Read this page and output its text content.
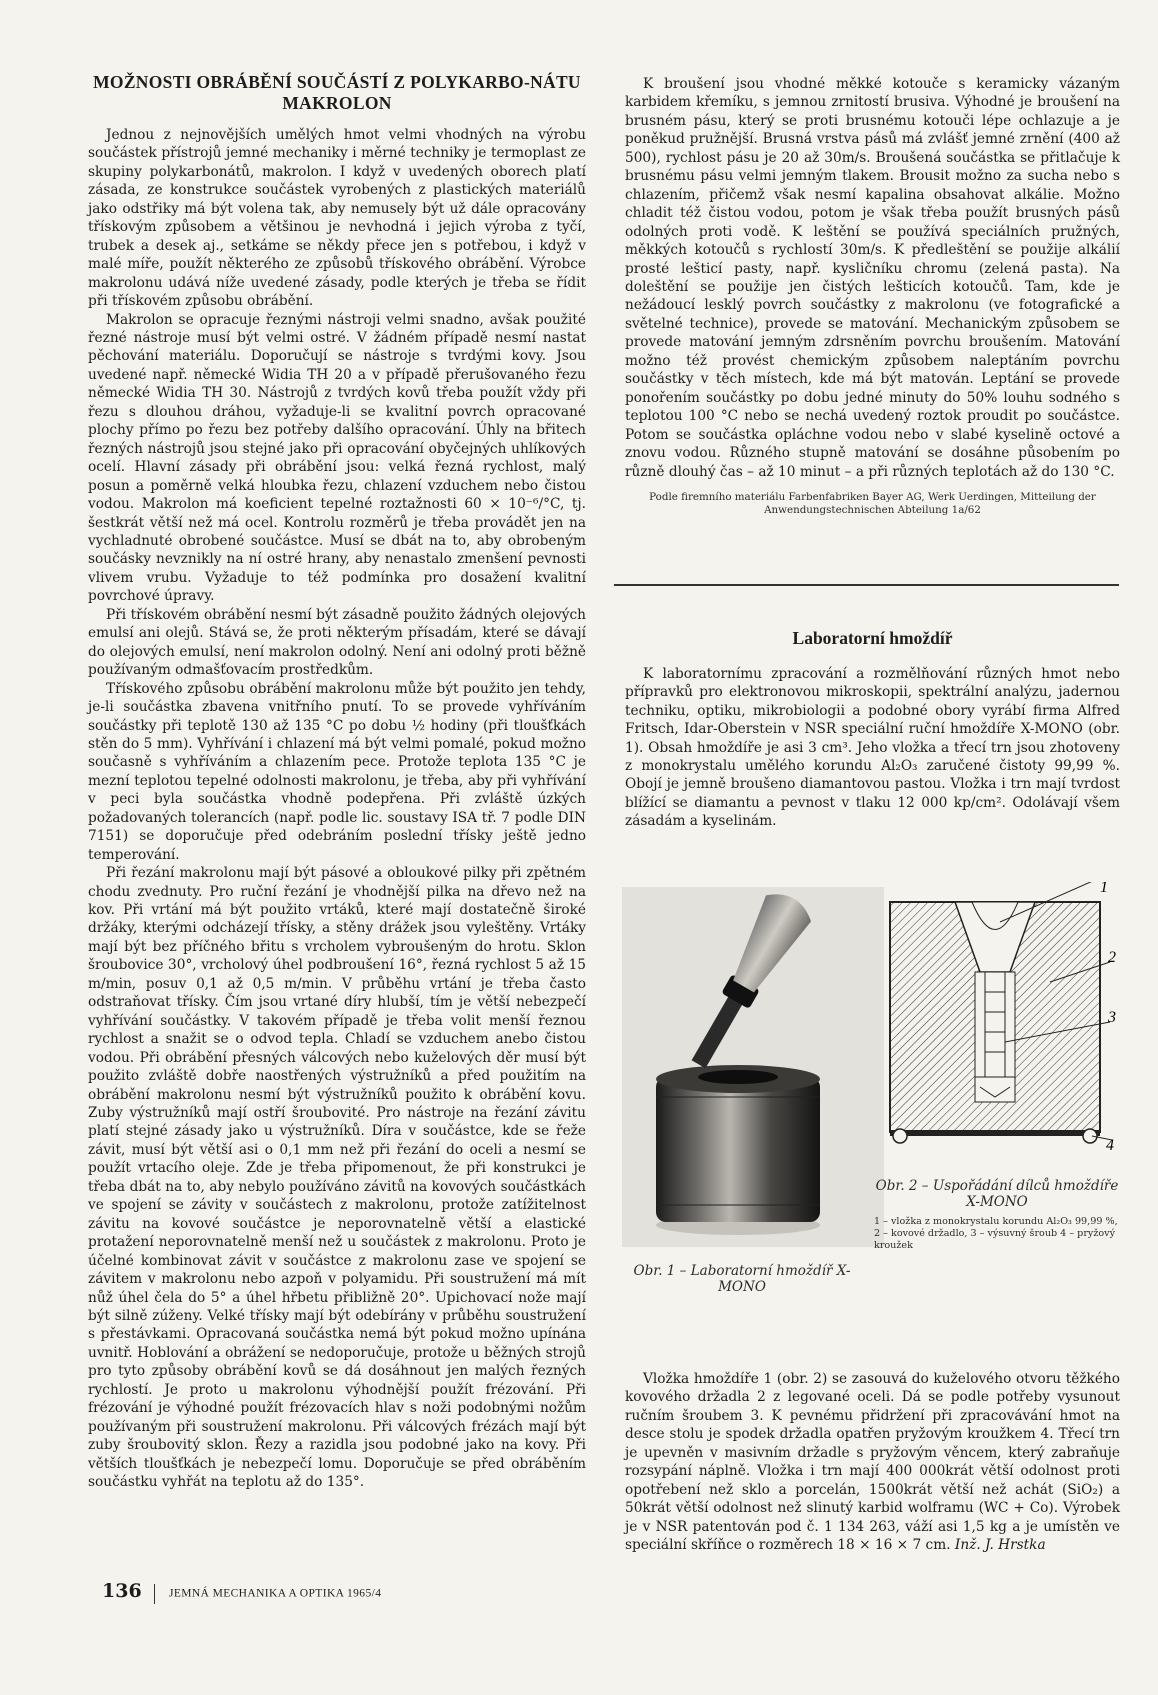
MOŽNOSTI OBRÁBĚNÍ SOUČÁSTÍ Z POLYKARBO-NÁTU MAKROLON

Jednou z nejnovějších umělých hmot velmi vhodných na výrobu součástek přístrojů jemné mechaniky i měrné techniky je termoplast ze skupiny polykarbonátů, makrolon. I když v uvedených oborech platí zásada, ze konstrukce součástek vyrobených z plastických materiálů jako odstřiky má být volena tak, aby nemusely být už dále opracovány třískovým způsobem a většinou je nevhodná i jejich výroba z tyčí, trubek a desek aj., setkáme se někdy přece jen s potřebou, i když v malé míře, použít některého ze způsobů třískového obrábění. Výrobce makrolonu udává níže uvedené zásady, podle kterých je třeba se řídit při třískovém způsobu obrábění.

Makrolon se opracuje řeznými nástroji velmi snadno, avšak použité řezné nástroje musí být velmi ostré. V žádném případě nesmí nastat pěchování materiálu. Doporučují se nástroje s tvrdými kovy. Jsou uvedené např. německé Widia TH 20 a v případě přerušovaného řezu německé Widia TH 30. Nástrojů z tvrdých kovů třeba použít vždy při řezu s dlouhou dráhou, vyžaduje-li se kvalitní povrch opracované plochy přímo po řezu bez potřeby dalšího opracování. Úhly na břitech řezných nástrojů jsou stejné jako při opracování obyčejných uhlíkových ocelí. Hlavní zásady při obrábění jsou: velká řezná rychlost, malý posun a poměrně velká hloubka řezu, chlazení vzduchem nebo čistou vodou. Makrolon má koeficient tepelné roztažnosti 60 × 10⁻⁶/°C, tj. šestkrát větší než má ocel. Kontrolu rozměrů je třeba provádět jen na vychladnuté obrobené součástce. Musí se dbát na to, aby obrobeným součásky nevznikly na ní ostré hrany, aby nenastalo zmenšení pevnosti vlivem vrubu. Vyžaduje to též podmínka pro dosažení kvalitní povrchové úpravy.

Při třískovém obrábění nesmí být zásadně použito žádných olejových emulsí ani olejů. Stává se, že proti některým přísadám, které se dávají do olejových emulsí, není makrolon odolný. Není ani odolný proti běžně používaným odmašťovacím prostředkům.

Třískového způsobu obrábění makrolonu může být použito jen tehdy, je-li součástka zbavena vnitřního pnutí. To se provede vyhříváním součástky při teplotě 130 až 135 °C po dobu ½ hodiny (při tloušťkách stěn do 5 mm). Vyhřívání i chlazení má být velmi pomalé, pokud možno současně s vyhříváním a chlazením pece. Protože teplota 135 °C je mezní teplotou tepelné odolnosti makrolonu, je třeba, aby při vyhřívání v peci byla součástka vhodně podepřena. Při zvláště úzkých požadovaných tolerancích (např. podle lic. soustavy ISA tř. 7 podle DIN 7151) se doporučuje před odebráním poslední třísky ještě jedno temperování.

Při řezání makrolonu mají být pásové a obloukové pilky při zpětném chodu zvednuty. Pro ruční řezání je vhodnější pilka na dřevo než na kov. Při vrtání má být použito vrtáků, které mají dostatečně široké držáky, kterými odcházejí třísky, a stěny drážek jsou vyleštěny. Vrtáky mají být bez příčného břitu s vrcholem vybroušeným do hrotu. Sklon šroubovice 30°, vrcholový úhel podbroušení 16°, řezná rychlost 5 až 15 m/min, posuv 0,1 až 0,5 m/min. V průběhu vrtání je třeba často odstraňovat třísky. Čím jsou vrtané díry hlubší, tím je větší nebezpečí vyhřívání součástky. V takovém případě je třeba volit menší řeznou rychlost a snažit se o odvod tepla. Chladí se vzduchem anebo čistou vodou. Při obrábění přesných válcových nebo kuželových děr musí být použito zvláště dobře naostřených výstružníků a před použitím na obrábění makrolonu nesmí být výstružníků použito k obrábění kovu. Zuby výstružníků mají ostří šroubovité. Pro nástroje na řezání závitu platí stejné zásady jako u výstružníků. Díra v součástce, kde se řeže závit, musí být větší asi o 0,1 mm než při řezání do oceli a nesmí se použít vrtacího oleje. Zde je třeba připomenout, že při konstrukci je třeba dbát na to, aby nebylo používáno závitů na kovových součástkách ve spojení se závity v součástech z makrolonu, protože zatížitelnost závitu na kovové součástce je neporovnatelně větší a elastické protažení neporovnatelně menší než u součástek z makrolonu. Proto je účelné kombinovat závit v součástce z makrolonu zase ve spojení se závitem v makrolonu nebo azpoň v polyamidu. Při soustružení má mít nůž úhel čela do 5° a úhel hřbetu přibližně 20°. Upichovací nože mají být silně zúženy. Velké třísky mají být odebírány v průběhu soustružení s přestávkami. Opracovaná součástka nemá být pokud možno upínána uvnitř. Hoblování a obrážení se nedoporučuje, protože u běžných strojů pro tyto způsoby obrábění kovů se dá dosáhnout jen malých řezných rychlostí. Je proto u makrolonu výhodnější použít frézování. Při frézování je výhodné použít frézovacích hlav s noži podobnými nožům používaným při soustružení makrolonu. Při válcových frézách mají být zuby šroubovitý sklon. Řezy a razidla jsou podobné jako na kovy. Při větších tloušťkách je nebezpečí lomu. Doporučuje se před obráběním součástku vyhřát na teplotu až do 135°.

K broušení jsou vhodné měkké kotouče s keramicky vázaným karbidem křemíku, s jemnou zrnitostí brusiva. Výhodné je broušení na brusném pásu, který se proti brusnému kotouči lépe ochlazuje a je poněkud pružnější. Brusná vrstva pásů má zvlášť jemné zrnění (400 až 500), rychlost pásu je 20 až 30m/s. Broušená součástka se přitlačuje k brusnému pásu velmi jemným tlakem. Brousit možno za sucha nebo s chlazením, přičemž však nesmí kapalina obsahovat alkálie. Možno chladit též čistou vodou, potom je však třeba použít brusných pásů odolných proti vodě. K leštění se používá speciálních pružných, měkkých kotoučů s rychlostí 30m/s. K předleštění se použije alkálií prosté lešticí pasty, např. kysličníku chromu (zelená pasta). Na doleštění se použije jen čistých lešticích kotoučů. Tam, kde je nežádoucí lesklý povrch součástky z makrolonu (ve fotografické a světelné technice), provede se matování. Mechanickým způsobem se provede matování jemným zdrsněním povrchu broušením. Matování možno též provést chemickým způsobem naleptáním povrchu součástky v těch místech, kde má být matován. Leptání se provede ponořením součástky po dobu jedné minuty do 50% louhu sodného s teplotou 100 °C nebo se nechá uvedený roztok proudit po součástce. Potom se součástka opláchne vodou nebo v slabé kyselině octové a znovu vodou. Různého stupně matování se dosáhne působením po různě dlouhý čas – až 10 minut – a při různých teplotách až do 130 °C.

Podle firemního materiálu Farbenfabriken Bayer AG, Werk Uerdingen, Mitteilung der Anwendungstechnischen Abteilung 1a/62
Laboratorní hmoždíř

K laboratornímu zpracování a rozmělňování různých hmot nebo přípravků pro elektronovou mikroskopii, spektrální analýzu, jadernou techniku, optiku, mikrobiologii a podobné obory vyrábí firma Alfred Fritsch, Idar-Oberstein v NSR speciální ruční hmoždíře X-MONO (obr. 1). Obsah hmoždíře je asi 3 cm³. Jeho vložka a třecí trn jsou zhotoveny z monokrystalu umělého korundu Al₂O₃ zaručené čistoty 99,99 %. Obojí je jemně broušeno diamantovou pastou. Vložka i trn mají tvrdost blížící se diamantu a pevnost v tlaku 12 000 kp/cm². Odolávají všem zásadám a kyselinám.

1
2
3
4
Obr. 1 – Laboratorní hmoždíř X-MONO
Obr. 2 – Uspořádání dílců hmoždíře X-MONO
1 – vložka z monokrystalu korundu Al₂O₃ 99,99 %, 2 – kovové držadlo, 3 – výsuvný šroub 4 – pryžový kroužek

Vložka hmoždíře 1 (obr. 2) se zasouvá do kuželového otvoru těžkého kovového držadla 2 z legované oceli. Dá se podle potřeby vysunout ručním šroubem 3. K pevnému přidržení při zpracovávání hmot na desce stolu je spodek držadla opatřen pryžovým kroužkem 4. Třecí trn je upevněn v masivním držadle s pryžovým věncem, který zabraňuje rozsypání náplně. Vložka i trn mají 400 000krát větší odolnost proti opotřebení než sklo a porcelán, 1500krát větší než achát (SiO₂) a 50krát větší odolnost než slinutý karbid wolframu (WC + Co). Výrobek je v NSR patentován pod č. 1 134 263, váží asi 1,5 kg a je umístěn ve speciální skříňce o rozměrech 18 × 16 × 7 cm. Inž. J. Hrstka

136 JEMNÁ MECHANIKA A OPTIKA 1965/4
